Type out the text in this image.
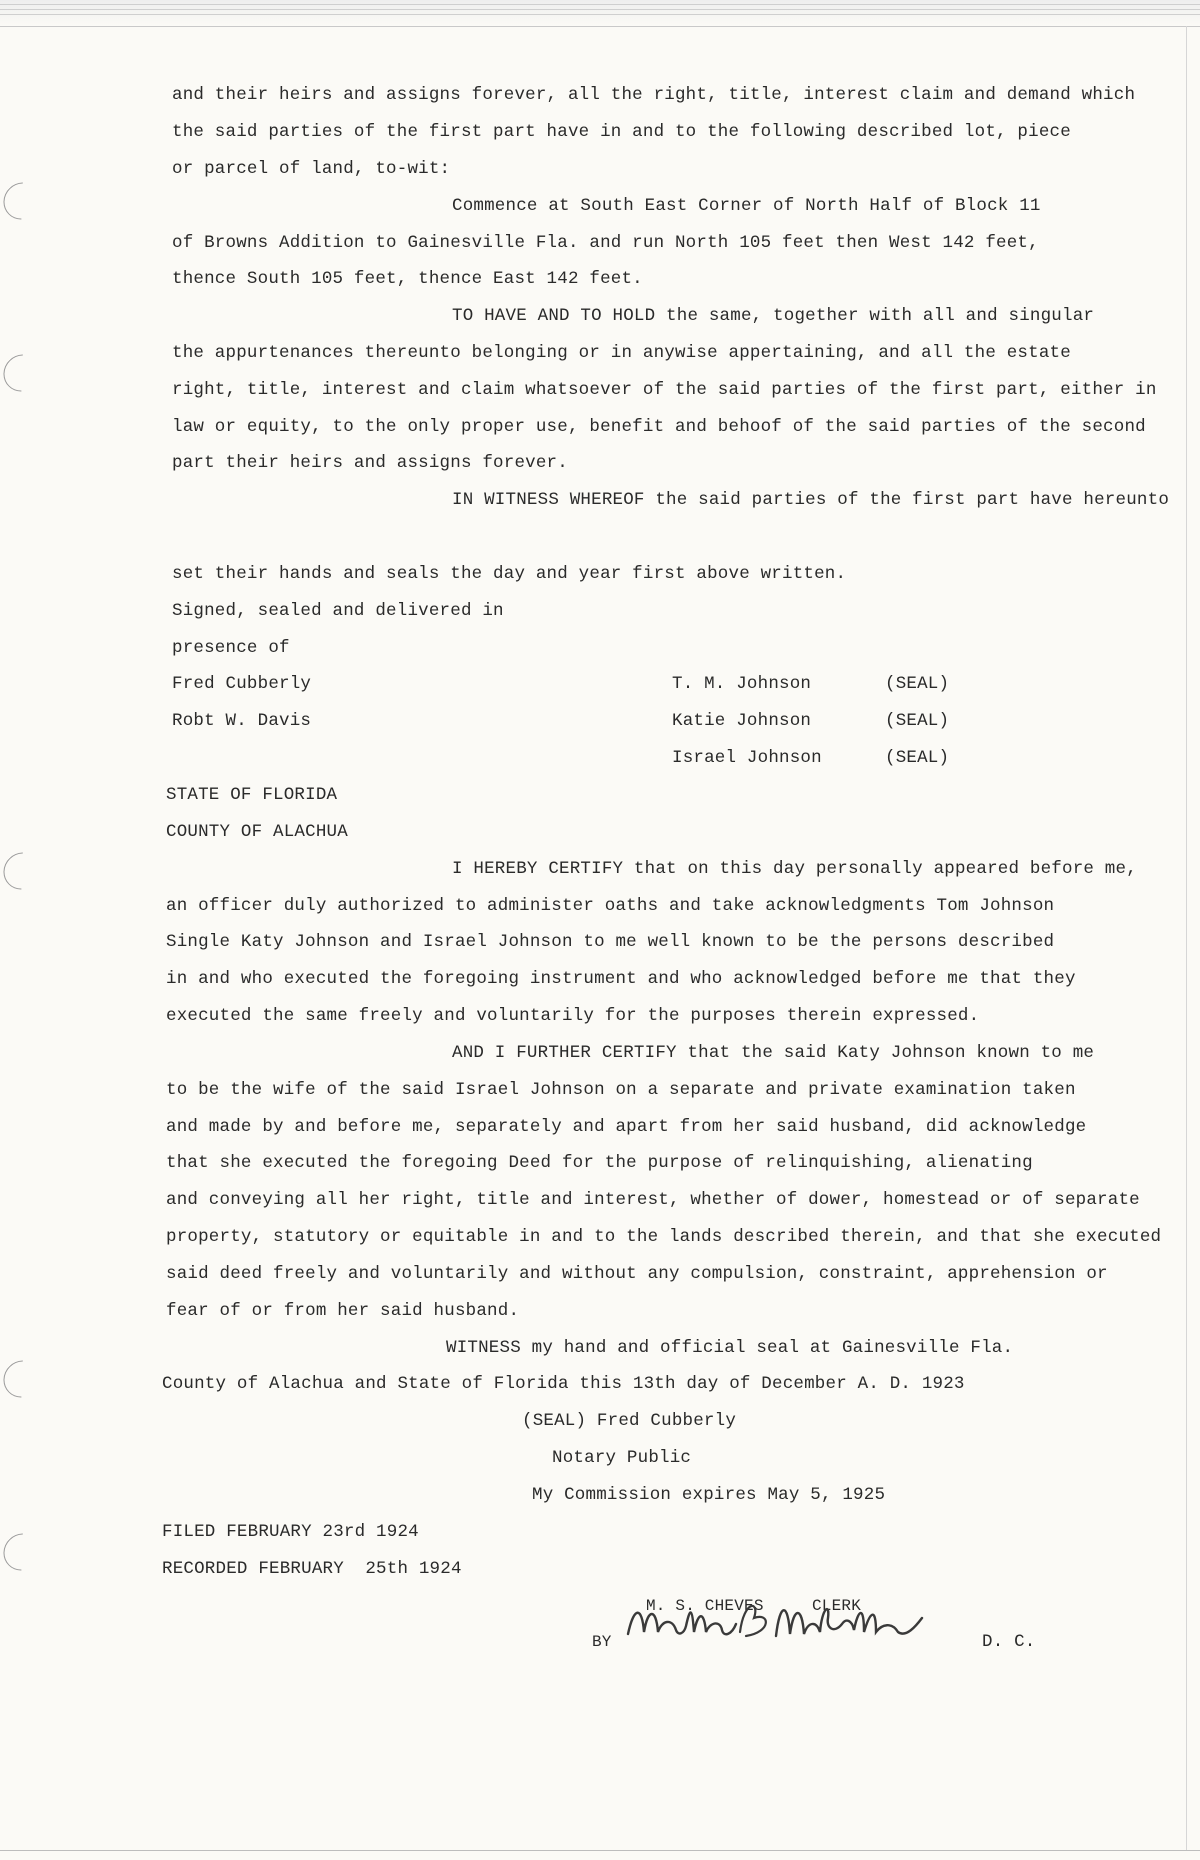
and their heirs and assigns forever, all the right, title, interest claim and demand which
the said parties of the first part have in and to the following described lot, piece
or parcel of land, to-wit:
Commence at South East Corner of North Half of Block 11
of Browns Addition to Gainesville Fla. and run North 105 feet then West 142 feet,
thence South 105 feet, thence East 142 feet.
TO HAVE AND TO HOLD the same, together with all and singular
the appurtenances thereunto belonging or in anywise appertaining, and all the estate
right, title, interest and claim whatsoever of the said parties of the first part, either in
law or equity, to the only proper use, benefit and behoof of the said parties of the second
part their heirs and assigns forever.
IN WITNESS WHEREOF the said parties of the first part have hereunto
set their hands and seals the day and year first above written.
Signed, sealed and delivered in
presence of
Fred Cubberly
Robt W. Davis
T. M. Johnson	(SEAL)
Katie Johnson	(SEAL)
Israel Johnson	(SEAL)
STATE OF FLORIDA
COUNTY OF ALACHUA
I HEREBY CERTIFY that on this day personally appeared before me,
an officer duly authorized to administer oaths and take acknowledgments Tom Johnson
Single Katy Johnson and Israel Johnson to me well known to be the persons described
in and who executed the foregoing instrument and who acknowledged before me that they
executed the same freely and voluntarily for the purposes therein expressed.
AND I FURTHER CERTIFY that the said Katy Johnson known to me
to be the wife of the said Israel Johnson on a separate and private examination taken
and made by and before me, separately and apart from her said husband, did acknowledge
that she executed the foregoing Deed for the purpose of relinquishing, alienating
and conveying all her right, title and interest, whether of dower, homestead or of separate
property, statutory or equitable in and to the lands described therein, and that she executed
said deed freely and voluntarily and without any compulsion, constraint, apprehension or
fear of or from her said husband.
WITNESS my hand and official seal at Gainesville Fla.
County of Alachua and State of Florida this 13th day of December A. D. 1923
(SEAL) Fred Cubberly
Notary Public
My Commission expires May 5, 1925
FILED FEBRUARY 23rd 1924
RECORDED FEBRUARY  25th 1924
M. S. CHEVES	CLERK
BY	D. C.
